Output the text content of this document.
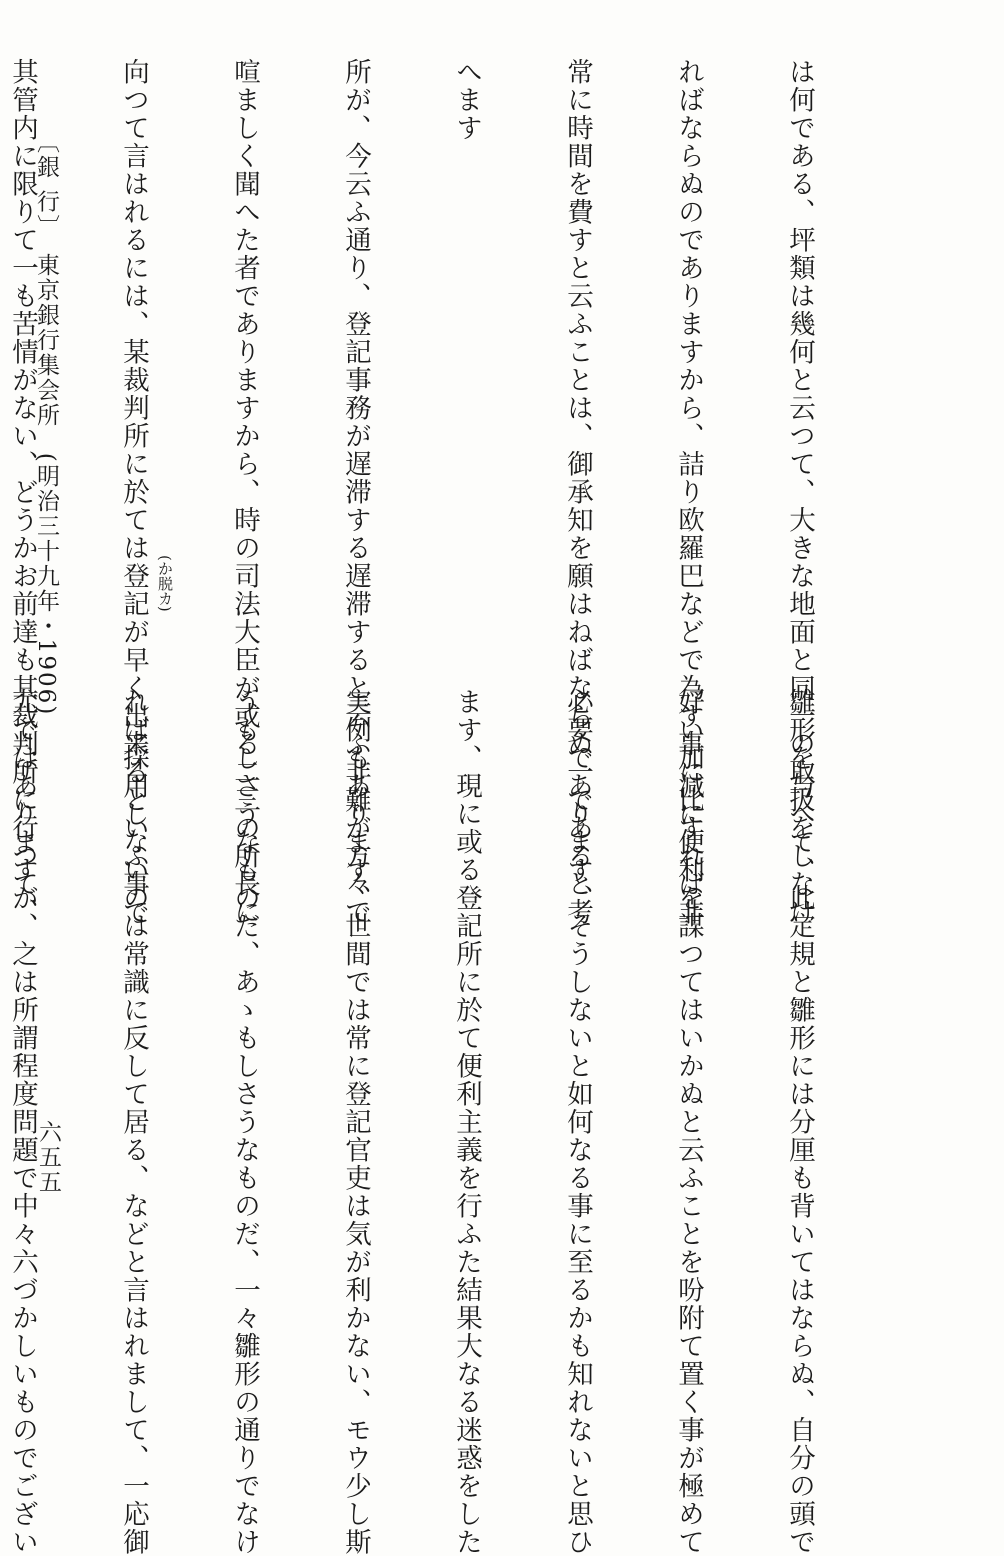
は何である、坪類は幾何と云つて、大きな地面と同一の取扱をしなけ

ればならぬのでありますから、詰り欧羅巴などで為す事に比すれば非

常に時間を費すと云ふことは、御承知を願はねばならぬ一であると考

へます

所が、今云ふ通り、登記事務が遅滞する遅滞すると云ふ非難が方々で

喧ましく聞へた者でありますから、時の司法大臣が或る二三の所長に

向つて言はれるには、某裁判所に於ては登記が早く出来るといふ事で

其管内に限りて一も苦情がない、どうかお前達も其裁判所に行つて、

	(か脱カ)

雛形を与へて、此定規と雛形には分厘も背いてはならぬ、自分の頭で

好い加減に便利を謀つてはいかぬと云ふことを吩附て置く事が極めて

必要であります、そうしないと如何なる事に至るかも知れないと思ひ

ます、現に或る登記所に於て便利主義を行ふた結果大なる迷惑をした

実例もあります、世間では常に登記官吏は気が利かない、モウ少し斯

うもしさうなものだ、あゝもしさうなものだ、一々雛形の通りでなけ

れば採用しないのは常識に反して居る、などと言はれまして、一応御

尤ではありますが、之は所謂程度問題で中々六づかしいものでござい

〔銀 行〕　東京銀行集会所　(明治三十九年・1906)
六五五
